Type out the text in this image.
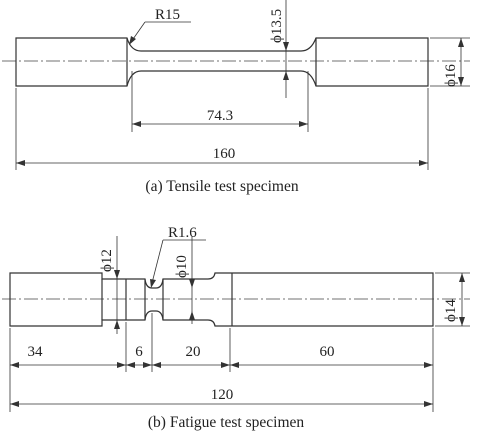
R15	ϕ13.5
ϕ16
74.3
160
(a) Tensile test specimen
ϕ12	ϕ10
R1.6
ϕ14
34	6	20	60
120
(b) Fatigue test specimen
